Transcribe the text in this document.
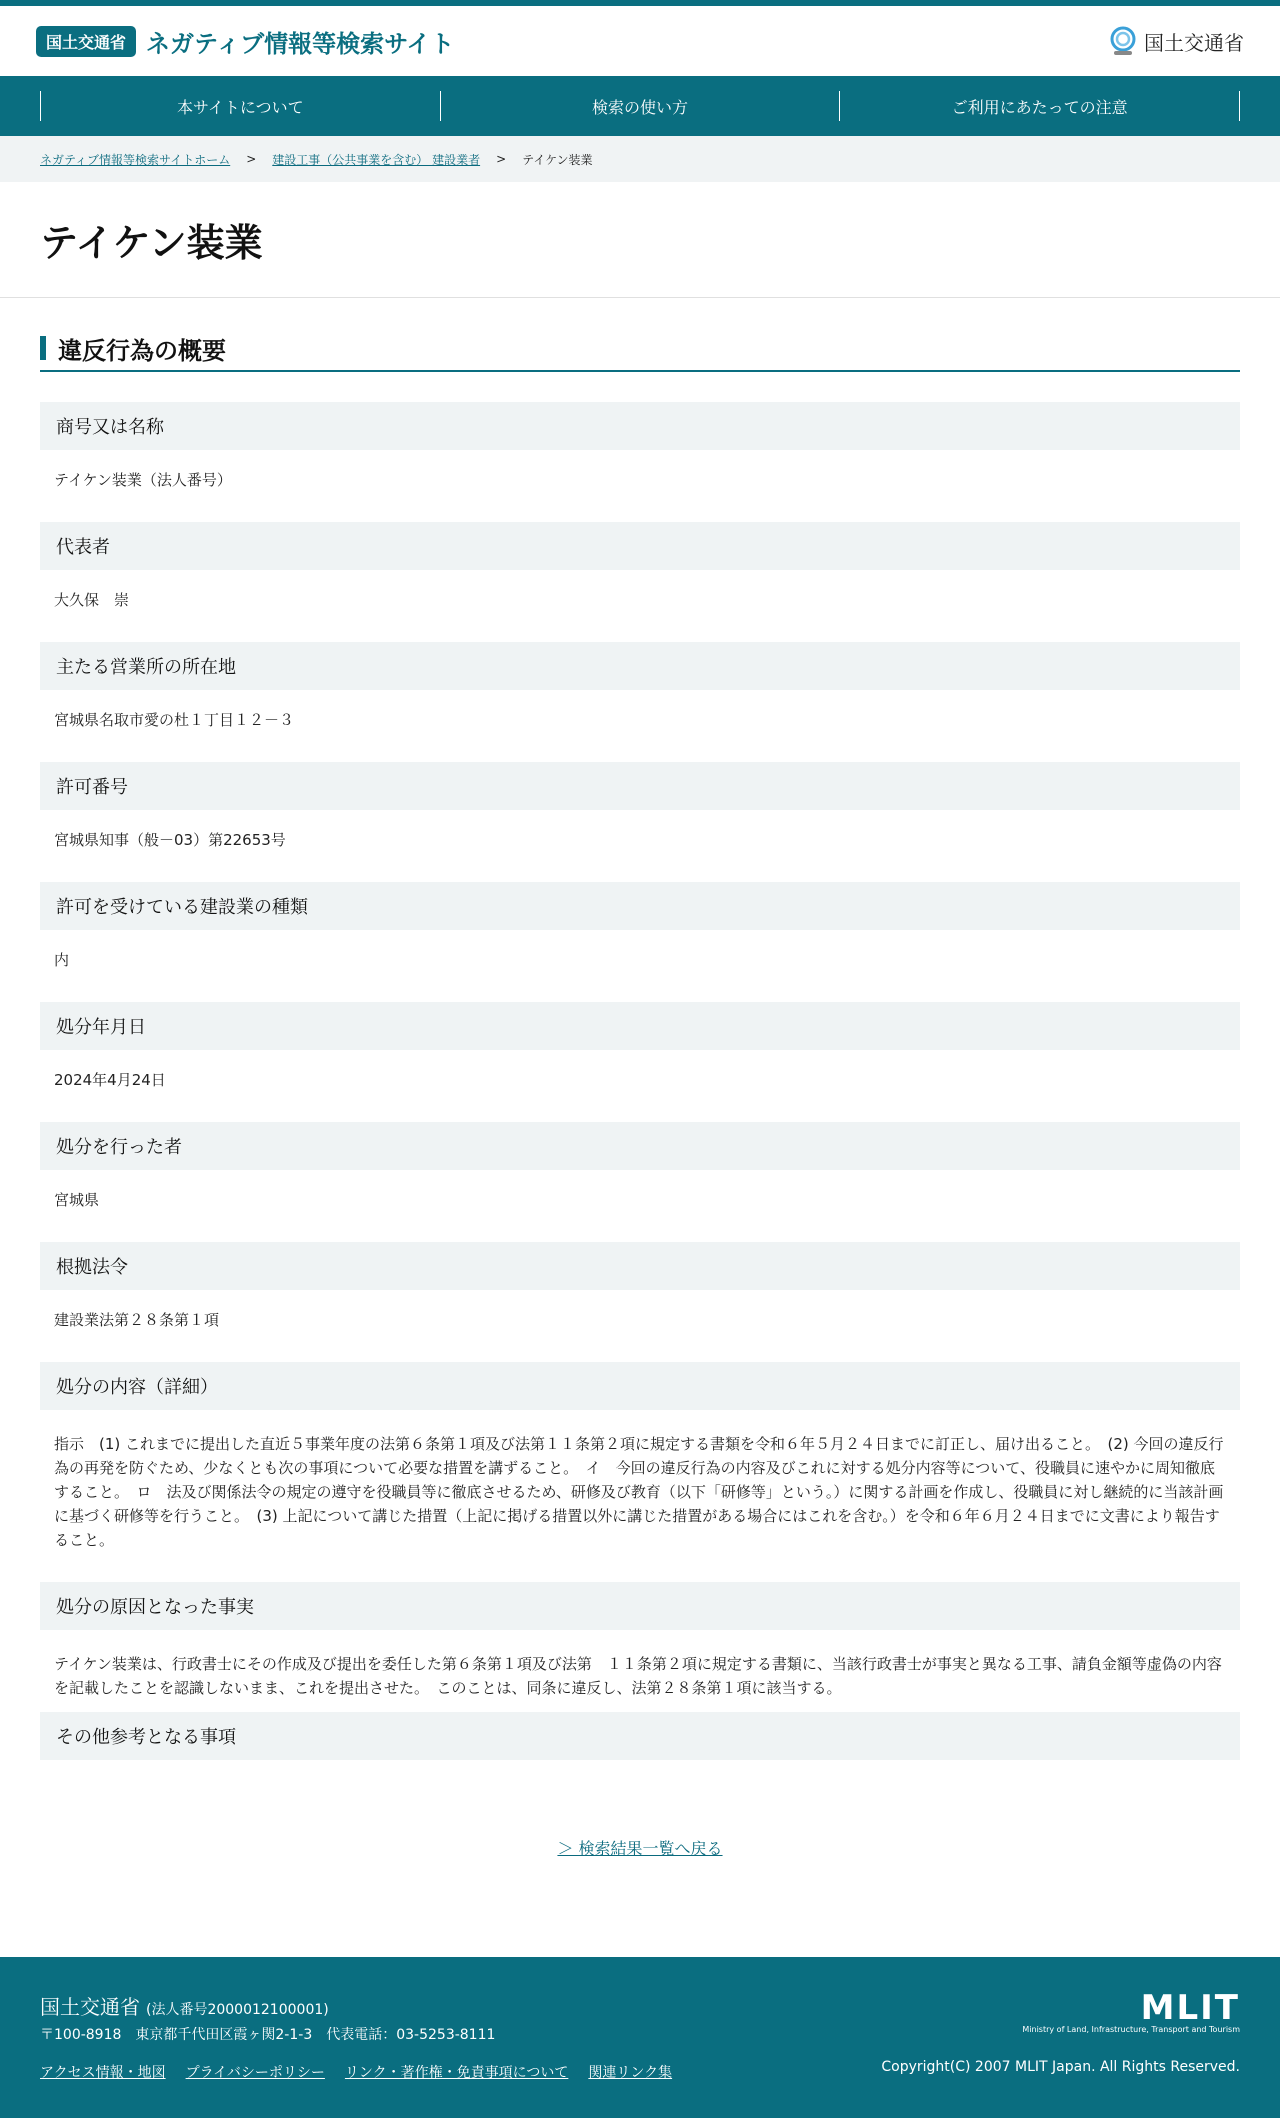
国土交通省 ネガティブ情報等検索サイト	国土交通省
本サイトについて	検索の使い方	ご利用にあたっての注意
ネガティブ情報等検索サイトホーム > 建設工事（公共事業を含む） 建設業者 > テイケン装業
テイケン装業
違反行為の概要
商号又は名称
テイケン装業（法人番号）
代表者
大久保　崇
主たる営業所の所在地
宮城県名取市愛の杜１丁目１２－３
許可番号
宮城県知事（般－03）第22653号
許可を受けている建設業の種類
内
処分年月日
2024年4月24日
処分を行った者
宮城県
根拠法令
建設業法第２８条第１項
処分の内容（詳細）
指示　(1) これまでに提出した直近５事業年度の法第６条第１項及び法第１１条第２項に規定する書類を令和６年５月２４日までに訂正し、届け出ること。　(2) 今回の違反行為の再発を防ぐため、少なくとも次の事項について必要な措置を講ずること。　イ　今回の違反行為の内容及びこれに対する処分内容等について、役職員に速やかに周知徹底すること。　ロ　法及び関係法令の規定の遵守を役職員等に徹底させるため、研修及び教育（以下「研修等」という。）に関する計画を作成し、役職員に対し継続的に当該計画に基づく研修等を行うこと。　(3) 上記について講じた措置（上記に掲げる措置以外に講じた措置がある場合にはこれを含む。）を令和６年６月２４日までに文書により報告すること。
処分の原因となった事実
テイケン装業は、行政書士にその作成及び提出を委任した第６条第１項及び法第　１１条第２項に規定する書類に、当該行政書士が事実と異なる工事、請負金額等虚偽の内容を記載したことを認識しないまま、これを提出させた。　このことは、同条に違反し、法第２８条第１項に該当する。
その他参考となる事項
＞ 検索結果一覧へ戻る
国土交通省 (法人番号2000012100001)
〒100-8918　東京都千代田区霞ヶ関2-1-3　代表電話：03-5253-8111
アクセス情報・地図 プライバシーポリシー リンク・著作権・免責事項について 関連リンク集
MLIT
Ministry of Land, Infrastructure, Transport and Tourism
Copyright(C) 2007 MLIT Japan. All Rights Reserved.
